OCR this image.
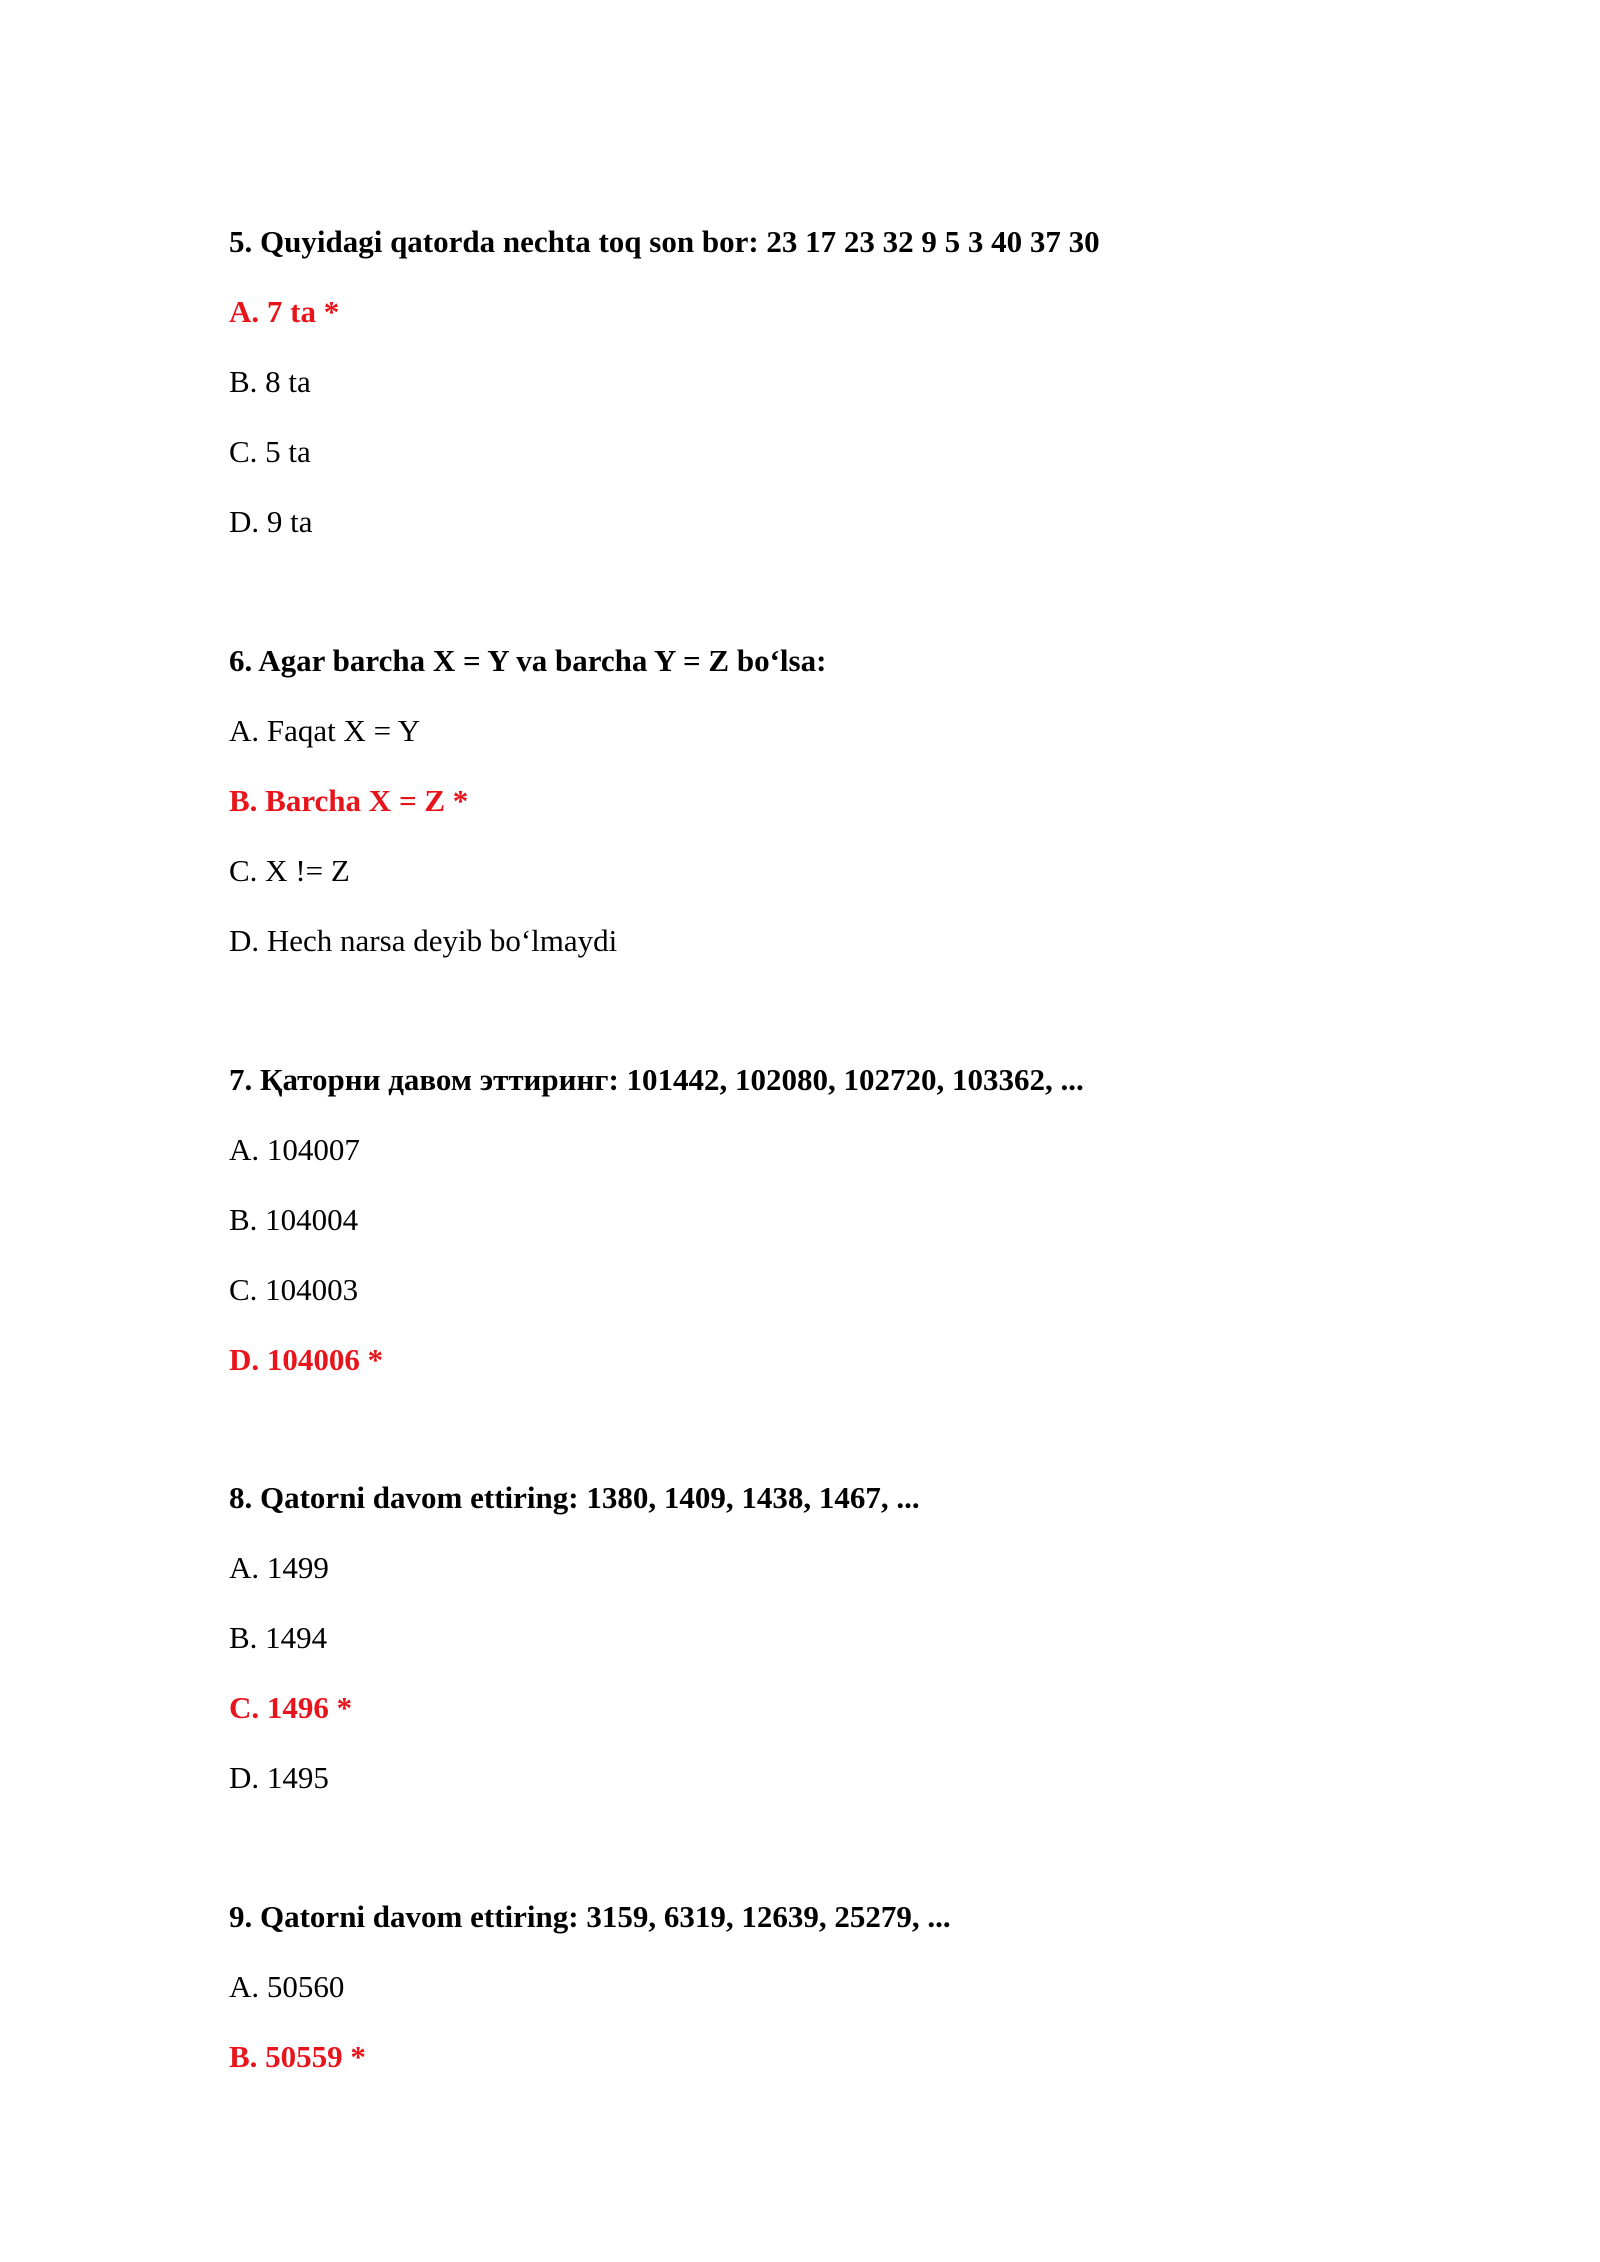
5. Quyidagi qatorda nechta toq son bor: 23 17 23 32 9 5 3 40 37 30

A. 7 ta *

B. 8 ta

C. 5 ta

D. 9 ta

6. Agar barcha X = Y va barcha Y = Z bo‘lsa:

A. Faqat X = Y

B. Barcha X = Z *

C. X != Z

D. Hech narsa deyib bo‘lmaydi

7. Қаторни давом эттиринг: 101442, 102080, 102720, 103362, ...

A. 104007

B. 104004

C. 104003

D. 104006 *

8. Qatorni davom ettiring: 1380, 1409, 1438, 1467, ...

A. 1499

B. 1494

C. 1496 *

D. 1495

9. Qatorni davom ettiring: 3159, 6319, 12639, 25279, ...

A. 50560

B. 50559 *
